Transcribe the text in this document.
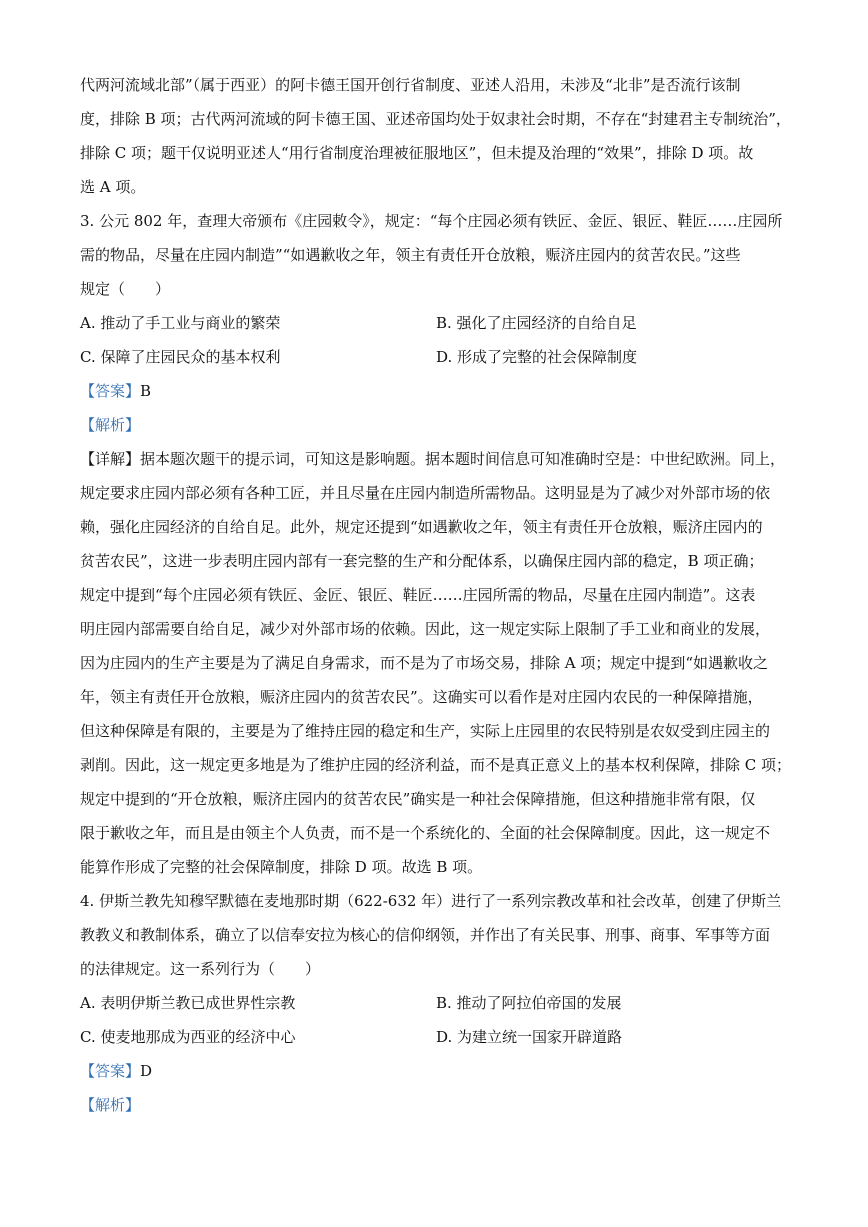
代两河流域北部”（属于西亚）的阿卡德王国开创行省制度、亚述人沿用，未涉及“北非”是否流行该制
度，排除 B 项；古代两河流域的阿卡德王国、亚述帝国均处于奴隶社会时期，不存在“封建君主专制统治”，
排除 C 项；题干仅说明亚述人“用行省制度治理被征服地区”，但未提及治理的“效果”，排除 D 项。故
选 A 项。
3. 公元 802 年，查理大帝颁布《庄园敕令》，规定：“每个庄园必须有铁匠、金匠、银匠、鞋匠……庄园所
需的物品，尽量在庄园内制造”“如遇歉收之年，领主有责任开仓放粮，赈济庄园内的贫苦农民。”这些
规定（　　）
A. 推动了手工业与商业的繁荣	B. 强化了庄园经济的自给自足
C. 保障了庄园民众的基本权利	D. 形成了完整的社会保障制度
【答案】B
【解析】
【详解】据本题次题干的提示词，可知这是影响题。据本题时间信息可知准确时空是：中世纪欧洲。同上，
规定要求庄园内部必须有各种工匠，并且尽量在庄园内制造所需物品。这明显是为了减少对外部市场的依
赖，强化庄园经济的自给自足。此外，规定还提到“如遇歉收之年，领主有责任开仓放粮，赈济庄园内的
贫苦农民”，这进一步表明庄园内部有一套完整的生产和分配体系，以确保庄园内部的稳定，B 项正确；
规定中提到“每个庄园必须有铁匠、金匠、银匠、鞋匠……庄园所需的物品，尽量在庄园内制造”。这表
明庄园内部需要自给自足，减少对外部市场的依赖。因此，这一规定实际上限制了手工业和商业的发展，
因为庄园内的生产主要是为了满足自身需求，而不是为了市场交易，排除 A 项；规定中提到“如遇歉收之
年，领主有责任开仓放粮，赈济庄园内的贫苦农民”。这确实可以看作是对庄园内农民的一种保障措施，
但这种保障是有限的，主要是为了维持庄园的稳定和生产，实际上庄园里的农民特别是农奴受到庄园主的
剥削。因此，这一规定更多地是为了维护庄园的经济利益，而不是真正意义上的基本权利保障，排除 C 项；
规定中提到的“开仓放粮，赈济庄园内的贫苦农民”确实是一种社会保障措施，但这种措施非常有限，仅
限于歉收之年，而且是由领主个人负责，而不是一个系统化的、全面的社会保障制度。因此，这一规定不
能算作形成了完整的社会保障制度，排除 D 项。故选 B 项。
4. 伊斯兰教先知穆罕默德在麦地那时期（622-632 年）进行了一系列宗教改革和社会改革，创建了伊斯兰
教教义和教制体系，确立了以信奉安拉为核心的信仰纲领，并作出了有关民事、刑事、商事、军事等方面
的法律规定。这一系列行为（　　）
A. 表明伊斯兰教已成世界性宗教	B. 推动了阿拉伯帝国的发展
C. 使麦地那成为西亚的经济中心	D. 为建立统一国家开辟道路
【答案】D
【解析】
